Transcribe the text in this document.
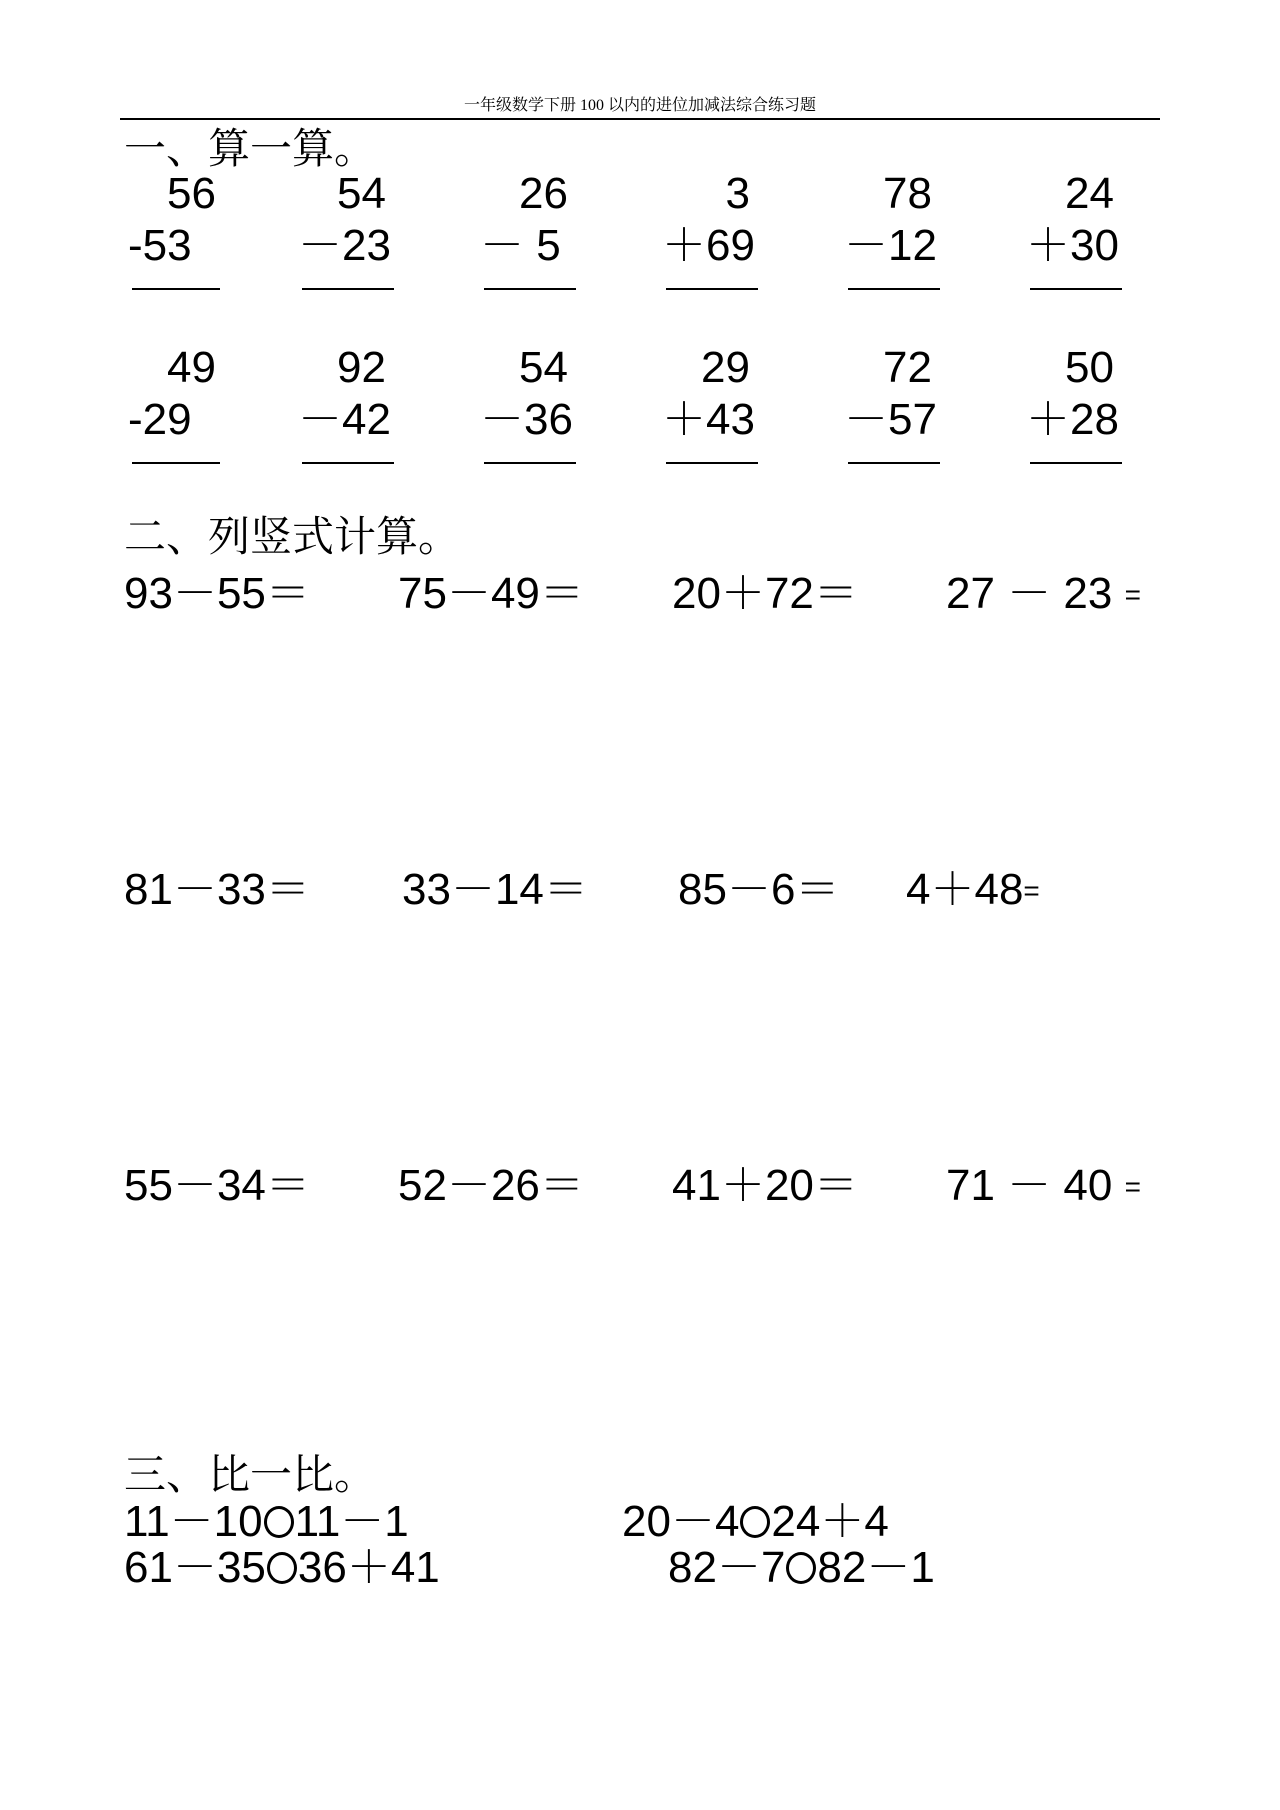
一年级数学下册 100 以内的进位加减法综合练习题
一、算一算。
56
-53
54
－23
26
－ 5
3
＋69
78
－12
24
＋30
49
-29
92
－42
54
－36
29
＋43
72
－57
50
＋28
二、列竖式计算。
93－55＝ 75－49＝ 20＋72＝ 27 － 23 =
81－33＝ 33－14＝ 85－6＝ 4＋48=
55－34＝ 52－26＝ 41＋20＝ 71 － 40 =
三、比一比。
11－10 11－1	20－4 24＋4
61－35 36＋41	82－7 82－1
